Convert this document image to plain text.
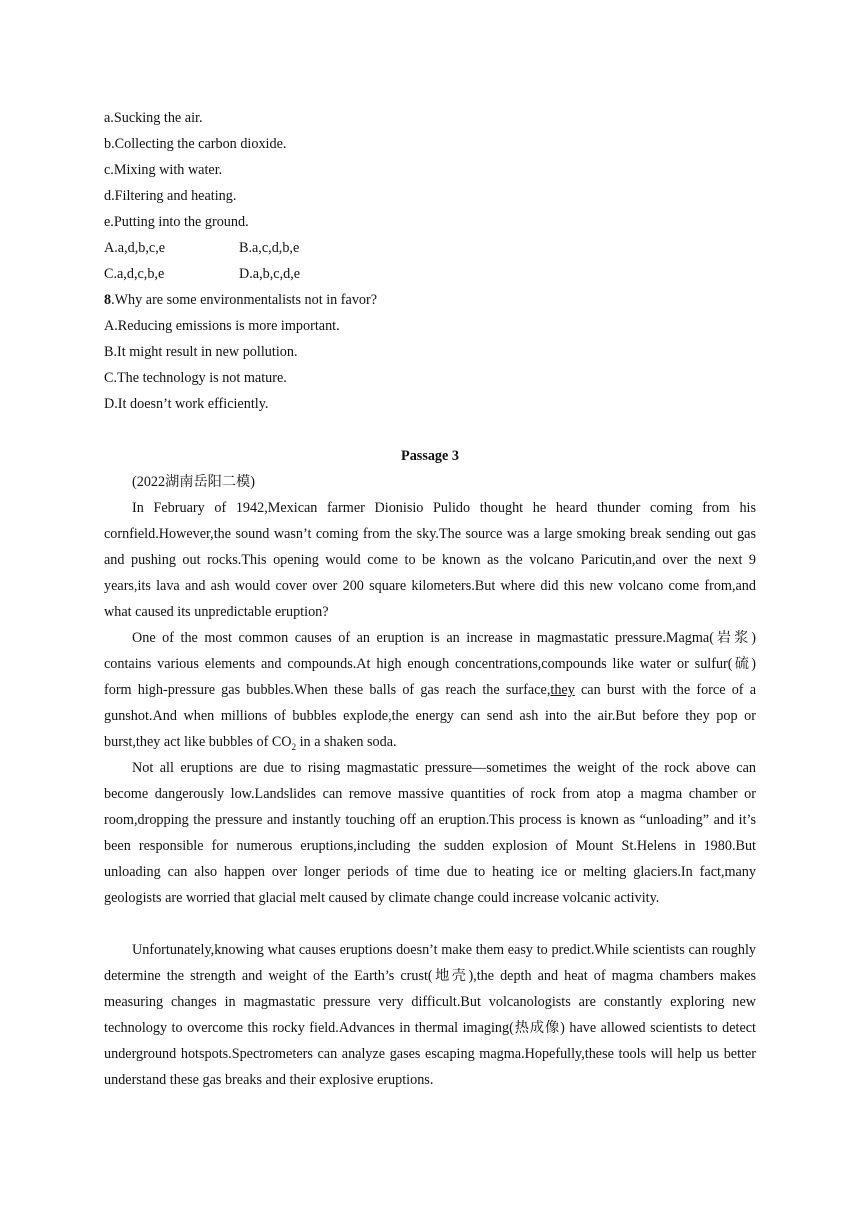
a.Sucking the air.
b.Collecting the carbon dioxide.
c.Mixing with water.
d.Filtering and heating.
e.Putting into the ground.
A.a,d,b,c,e	B.a,c,d,b,e
C.a,d,c,b,e	D.a,b,c,d,e
8.Why are some environmentalists not in favor?
A.Reducing emissions is more important.
B.It might result in new pollution.
C.The technology is not mature.
D.It doesn’t work efficiently.
Passage 3
(2022湖南岳阳二模)
In February of 1942,Mexican farmer Dionisio Pulido thought he heard thunder coming from his cornfield.However,the sound wasn’t coming from the sky.The source was a large smoking break sending out gas and pushing out rocks.This opening would come to be known as the volcano Paricutin,and over the next 9 years,its lava and ash would cover over 200 square kilometers.But where did this new volcano come from,and what caused its unpredictable eruption?
One of the most common causes of an eruption is an increase in magmastatic pressure.Magma(岩浆) contains various elements and compounds.At high enough concentrations,compounds like water or sulfur(硫) form high-pressure gas bubbles.When these balls of gas reach the surface,they can burst with the force of a gunshot.And when millions of bubbles explode,the energy can send ash into the air.But before they pop or burst,they act like bubbles of $CO_2$ in a shaken soda.
Not all eruptions are due to rising magmastatic pressure—sometimes the weight of the rock above can become dangerously low.Landslides can remove massive quantities of rock from atop a magma chamber or room,dropping the pressure and instantly touching off an eruption.This process is known as “unloading” and it’s been responsible for numerous eruptions,including the sudden explosion of Mount St.Helens in 1980.But unloading can also happen over longer periods of time due to heating ice or melting glaciers.In fact,many geologists are worried that glacial melt caused by climate change could increase volcanic activity.
Unfortunately,knowing what causes eruptions doesn’t make them easy to predict.While scientists can roughly determine the strength and weight of the Earth’s crust(地壳),the depth and heat of magma chambers makes measuring changes in magmastatic pressure very difficult.But volcanologists are constantly exploring new technology to overcome this rocky field.Advances in thermal imaging(热成像) have allowed scientists to detect underground hotspots.Spectrometers can analyze gases escaping magma.Hopefully,these tools will help us better understand these gas breaks and their explosive eruptions.
